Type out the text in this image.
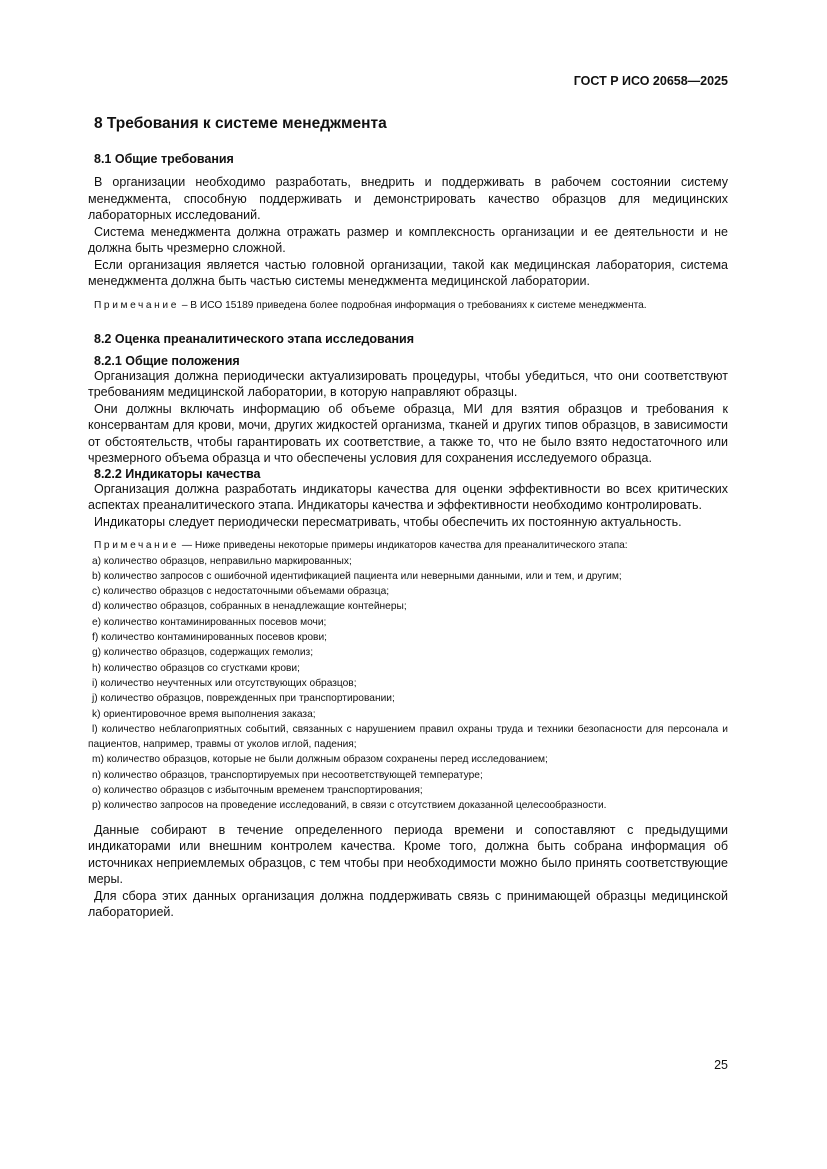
ГОСТ Р ИСО 20658—2025
8 Требования к системе менеджмента
8.1 Общие требования

В организации необходимо разработать, внедрить и поддерживать в рабочем состоянии систему менеджмента, способную поддерживать и демонстрировать качество образцов для медицинских лабораторных исследований.

Система менеджмента должна отражать размер и комплексность организации и ее деятельности и не должна быть чрезмерно сложной.

Если организация является частью головной организации, такой как медицинская лаборатория, система менеджмента должна быть частью системы менеджмента медицинской лаборатории.

Примечание – В ИСО 15189 приведена более подробная информация о требованиях к системе менеджмента.

8.2 Оценка преаналитического этапа исследования
8.2.1 Общие положения

Организация должна периодически актуализировать процедуры, чтобы убедиться, что они соответствуют требованиям медицинской лаборатории, в которую направляют образцы.

Они должны включать информацию об объеме образца, МИ для взятия образцов и требования к консервантам для крови, мочи, других жидкостей организма, тканей и других типов образцов, в зависимости от обстоятельств, чтобы гарантировать их соответствие, а также то, что не было взято недостаточного или чрезмерного объема образца и что обеспечены условия для сохранения исследуемого образца.

8.2.2 Индикаторы качества

Организация должна разработать индикаторы качества для оценки эффективности во всех критических аспектах преаналитического этапа. Индикаторы качества и эффективности необходимо контролировать.

Индикаторы следует периодически пересматривать, чтобы обеспечить их постоянную актуальность.

Примечание — Ниже приведены некоторые примеры индикаторов качества для преаналитического этапа:

a) количество образцов, неправильно маркированных;

b) количество запросов с ошибочной идентификацией пациента или неверными данными, или и тем, и другим;

c) количество образцов с недостаточными объемами образца;

d) количество образцов, собранных в ненадлежащие контейнеры;

e) количество контаминированных посевов мочи;

f) количество контаминированных посевов крови;

g) количество образцов, содержащих гемолиз;

h) количество образцов со сгустками крови;

i) количество неучтенных или отсутствующих образцов;

j) количество образцов, поврежденных при транспортировании;

k) ориентировочное время выполнения заказа;

l) количество неблагоприятных событий, связанных с нарушением правил охраны труда и техники безопасности для персонала и пациентов, например, травмы от уколов иглой, падения;

m) количество образцов, которые не были должным образом сохранены перед исследованием;

n) количество образцов, транспортируемых при несоответствующей температуре;

o) количество образцов с избыточным временем транспортирования;

p) количество запросов на проведение исследований, в связи с отсутствием доказанной целесообразности.

Данные собирают в течение определенного периода времени и сопоставляют с предыдущими индикаторами или внешним контролем качества. Кроме того, должна быть собрана информация об источниках неприемлемых образцов, с тем чтобы при необходимости можно было принять соответствующие меры.

Для сбора этих данных организация должна поддерживать связь с принимающей образцы медицинской лабораторией.

25
